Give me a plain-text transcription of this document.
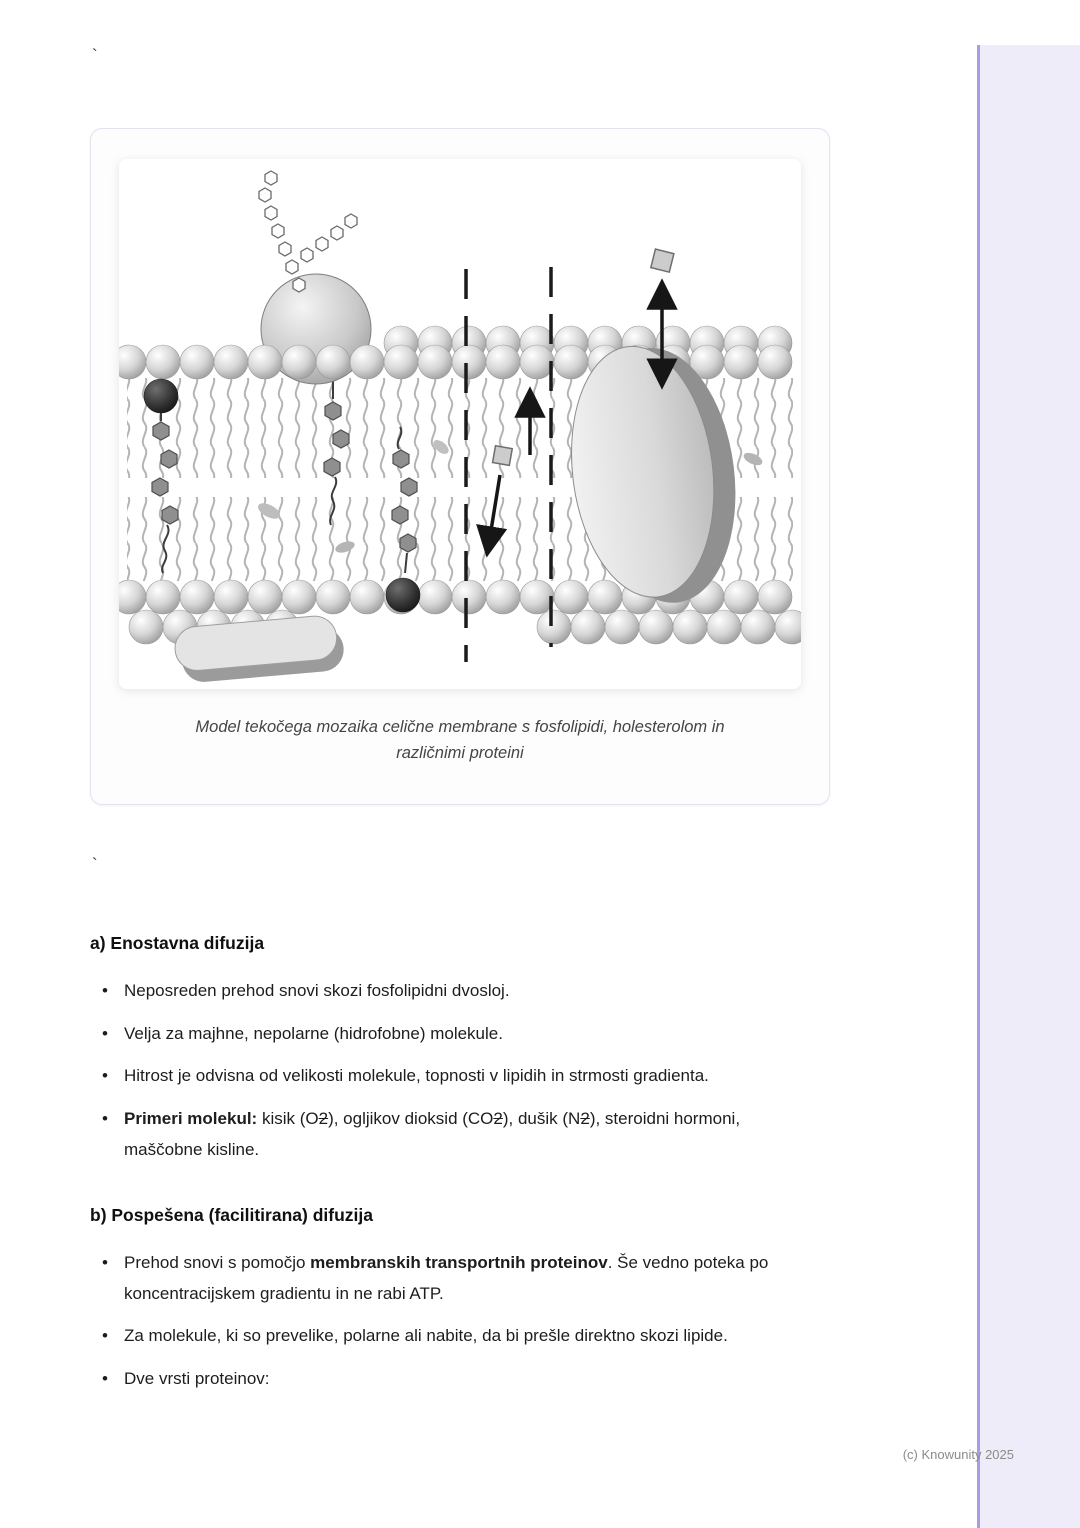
`
Model tekočega mozaika celične membrane s fosfolipidi, holesterolom in različnimi proteini
`
a) Enostavna difuzija
• Neposreden prehod snovi skozi fosfolipidni dvosloj.
• Velja za majhne, nepolarne (hidrofobne) molekule.
• Hitrost je odvisna od velikosti molekule, topnosti v lipidih in strmosti gradienta.
• Primeri molekul: kisik (O2), ogljikov dioksid (CO2), dušik (N2), steroidni hormoni, maščobne kisline.
b) Pospešena (facilitirana) difuzija
• Prehod snovi s pomočjo membranskih transportnih proteinov. Še vedno poteka po koncentracijskem gradientu in ne rabi ATP.
• Za molekule, ki so prevelike, polarne ali nabite, da bi prešle direktno skozi lipide.
• Dve vrsti proteinov:
(c) Knowunity 2025
